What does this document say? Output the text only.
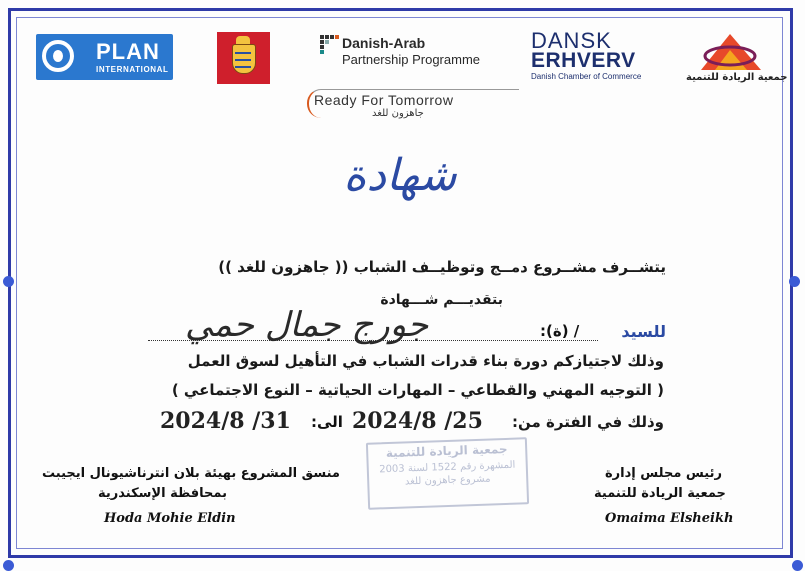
PLAN
INTERNATIONAL
Danish-Arab
Partnership Programme
Ready For Tomorrow
جاهزون للغد
DANSK
ERHVERV
Danish Chamber of Commerce	جمعية الريادة للتنمية
شهادة
يتشــرف مشــروع دمــج وتوظيــف الشباب (( جاهزون للغد ))
بتقديـــم شـــهادة
للسيد
/ (ة):
جورج جمال حمي
وذلك لاجتيازكم دورة بناء قدرات الشباب في التأهيل لسوق العمل
( التوجيه المهني والقطاعي – المهارات الحياتية – النوع الاجتماعي )
وذلك في الفترة من:
2024/8 /25
الى:
2024/8 /31
جمعية الريادة للتنمية
المشهرة رقم 1522 لسنة 2003
مشروع جاهزون للغد
منسق المشروع بهيئة بلان انترناشيونال ايجيبت
بمحافظة الإسكندرية
Hoda Mohie Eldin
رئيس مجلس إدارة
جمعية الريادة للتنمية
Omaima Elsheikh
